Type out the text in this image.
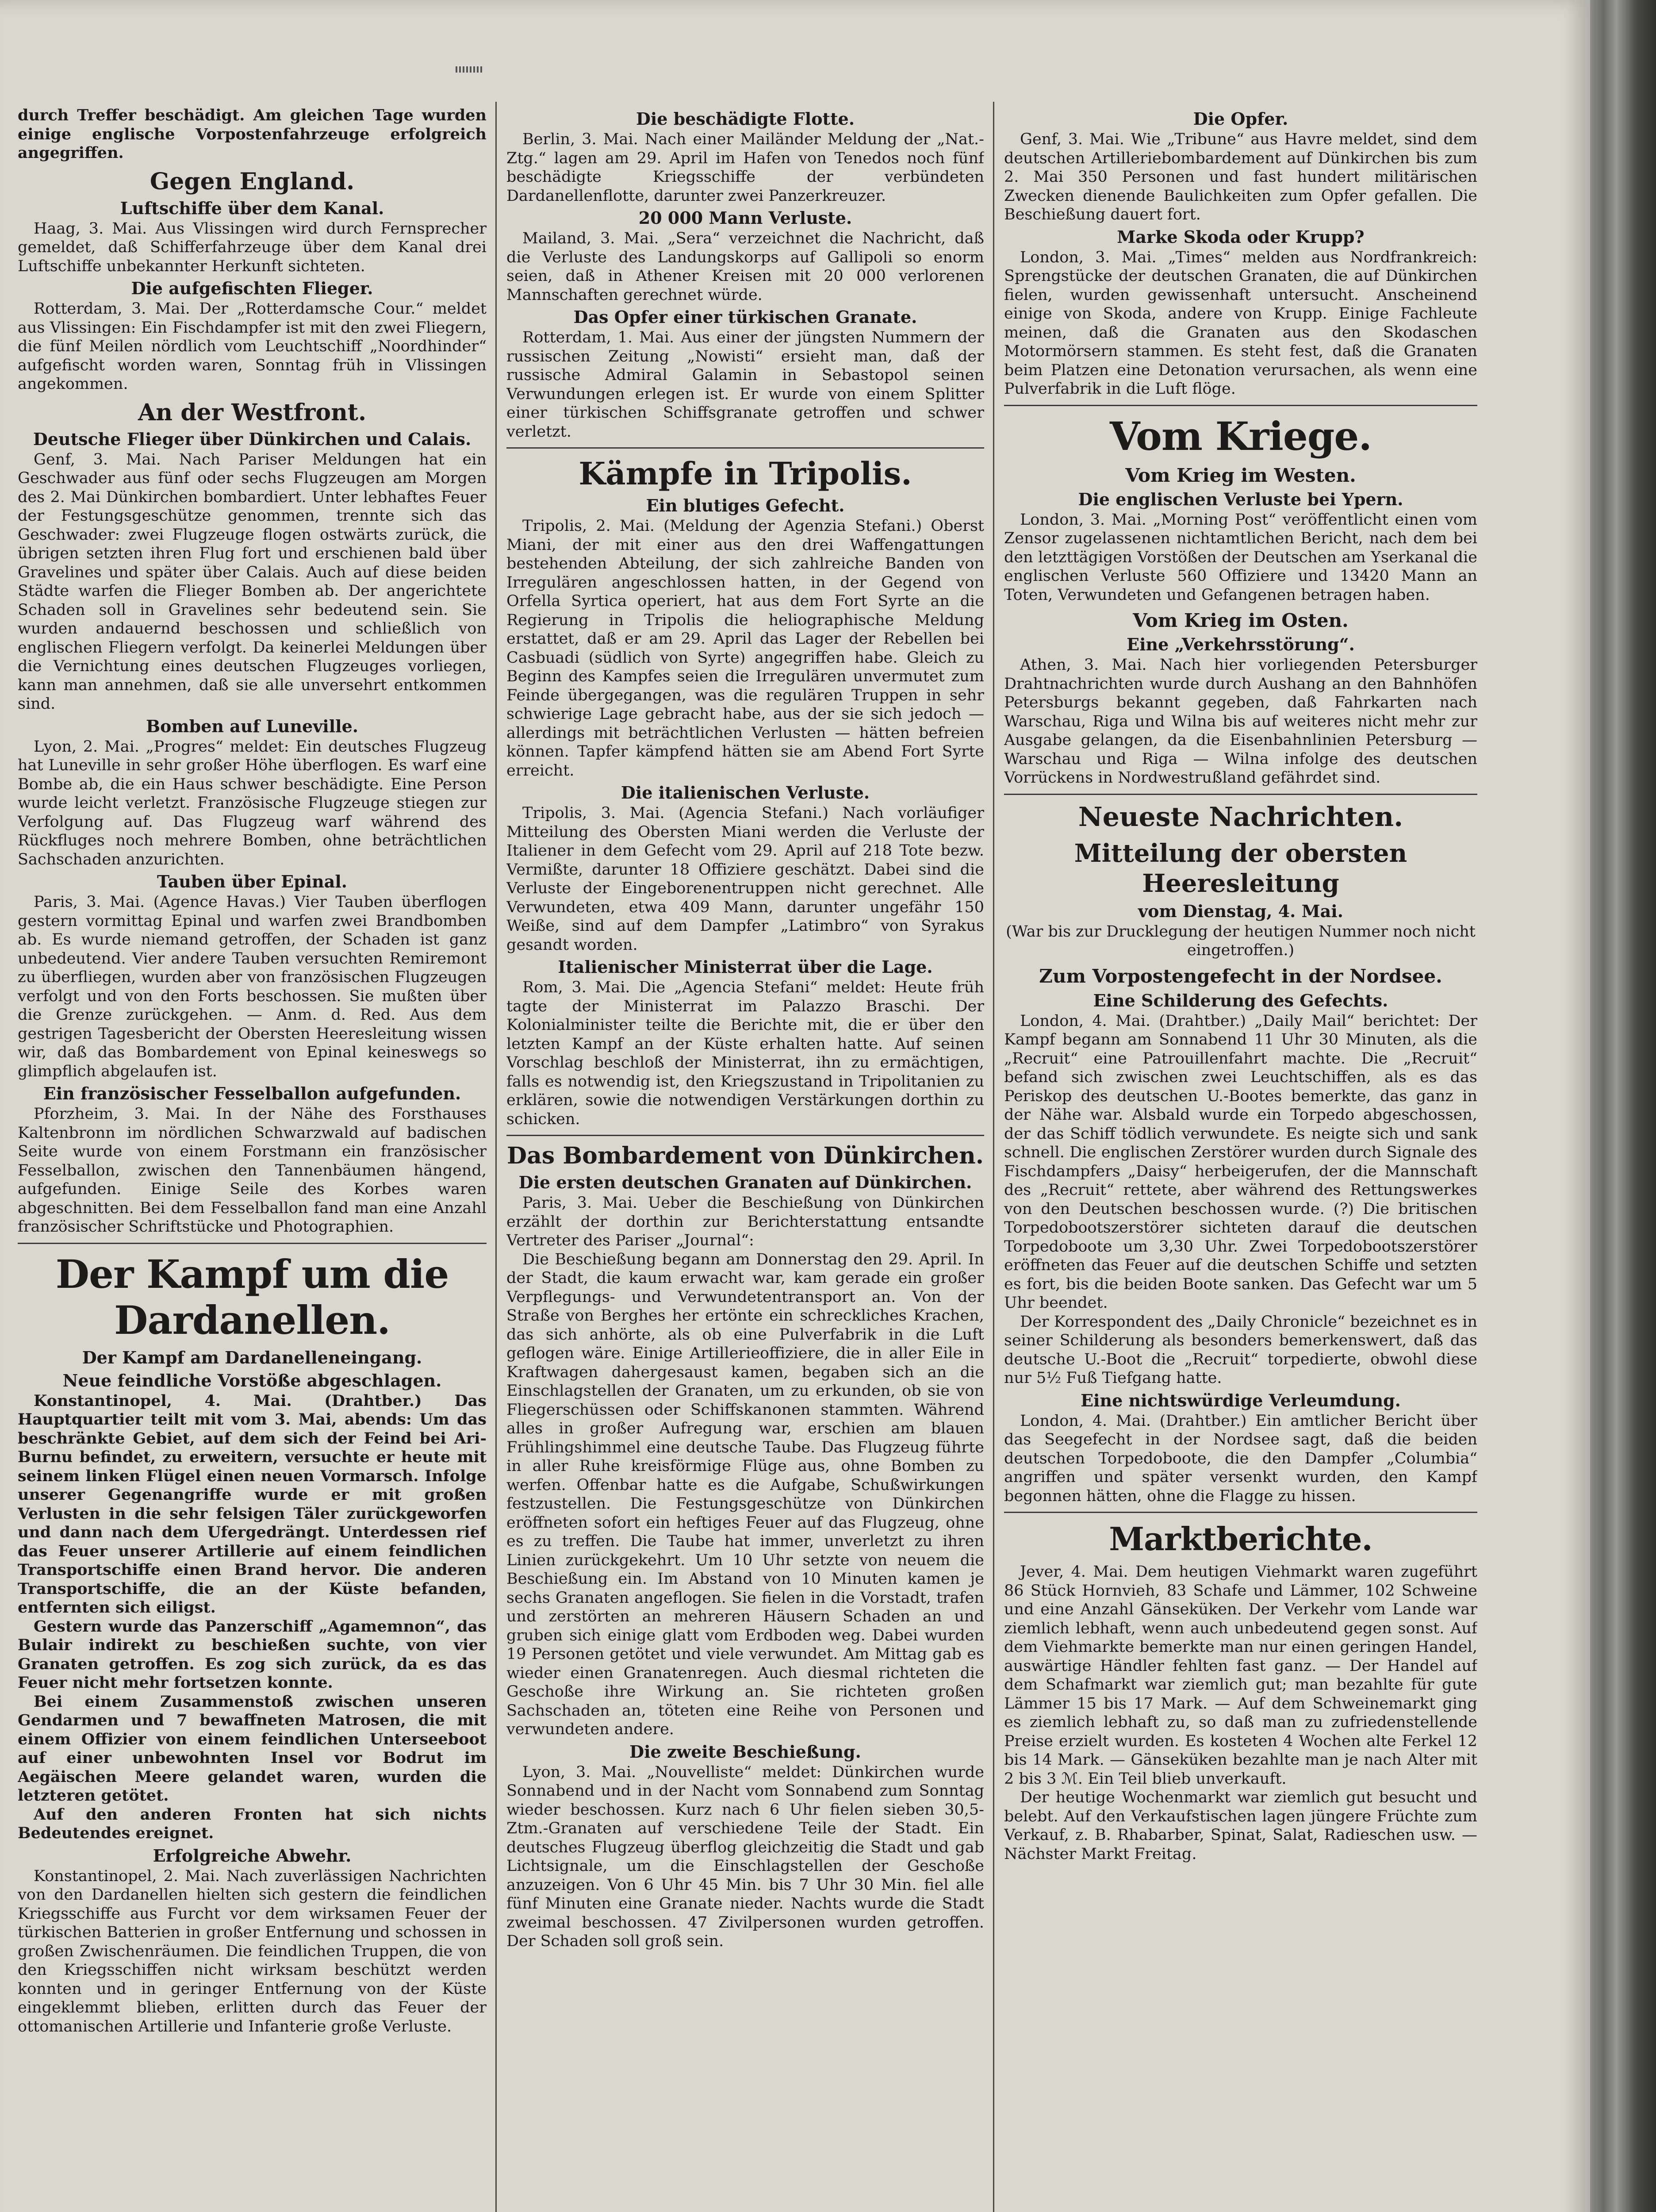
durch Treffer beschädigt. Am gleichen Tage wurden einige englische Vorpostenfahrzeuge erfolgreich angegriffen.

Gegen England.
Luftschiffe über dem Kanal.

Haag, 3. Mai. Aus Vlissingen wird durch Fernsprecher gemeldet, daß Schifferfahrzeuge über dem Kanal drei Luftschiffe unbekannter Herkunft sichteten.

Die aufgefischten Flieger.

Rotterdam, 3. Mai. Der „Rotterdamsche Cour.“ meldet aus Vlissingen: Ein Fischdampfer ist mit den zwei Fliegern, die fünf Meilen nördlich vom Leuchtschiff „Noordhinder“ aufgefischt worden waren, Sonntag früh in Vlissingen angekommen.

An der Westfront.
Deutsche Flieger über Dünkirchen und Calais.

Genf, 3. Mai. Nach Pariser Meldungen hat ein Geschwader aus fünf oder sechs Flugzeugen am Morgen des 2. Mai Dünkirchen bombardiert. Unter lebhaftes Feuer der Festungsgeschütze genommen, trennte sich das Geschwader: zwei Flugzeuge flogen ostwärts zurück, die übrigen setzten ihren Flug fort und erschienen bald über Gravelines und später über Calais. Auch auf diese beiden Städte warfen die Flieger Bomben ab. Der angerichtete Schaden soll in Gravelines sehr bedeutend sein. Sie wurden andauernd beschossen und schließlich von englischen Fliegern verfolgt. Da keinerlei Meldungen über die Vernichtung eines deutschen Flugzeuges vorliegen, kann man annehmen, daß sie alle unversehrt entkommen sind.

Bomben auf Luneville.

Lyon, 2. Mai. „Progres“ meldet: Ein deutsches Flugzeug hat Luneville in sehr großer Höhe überflogen. Es warf eine Bombe ab, die ein Haus schwer beschädigte. Eine Person wurde leicht verletzt. Französische Flugzeuge stiegen zur Verfolgung auf. Das Flugzeug warf während des Rückfluges noch mehrere Bomben, ohne beträchtlichen Sachschaden anzurichten.

Tauben über Epinal.

Paris, 3. Mai. (Agence Havas.) Vier Tauben überflogen gestern vormittag Epinal und warfen zwei Brandbomben ab. Es wurde niemand getroffen, der Schaden ist ganz unbedeutend. Vier andere Tauben versuchten Remiremont zu überfliegen, wurden aber von französischen Flugzeugen verfolgt und von den Forts beschossen. Sie mußten über die Grenze zurückgehen. — Anm. d. Red. Aus dem gestrigen Tagesbericht der Obersten Heeresleitung wissen wir, daß das Bombardement von Epinal keineswegs so glimpflich abgelaufen ist.

Ein französischer Fesselballon aufgefunden.

Pforzheim, 3. Mai. In der Nähe des Forsthauses Kaltenbronn im nördlichen Schwarzwald auf badischen Seite wurde von einem Forstmann ein französischer Fesselballon, zwischen den Tannenbäumen hängend, aufgefunden. Einige Seile des Korbes waren abgeschnitten. Bei dem Fesselballon fand man eine Anzahl französischer Schriftstücke und Photographien.

Der Kampf um die Dardanellen.
Der Kampf am Dardanelleneingang.
Neue feindliche Vorstöße abgeschlagen.

Konstantinopel, 4. Mai. (Drahtber.) Das Hauptquartier teilt mit vom 3. Mai, abends: Um das beschränkte Gebiet, auf dem sich der Feind bei Ari-Burnu befindet, zu erweitern, versuchte er heute mit seinem linken Flügel einen neuen Vormarsch. Infolge unserer Gegenangriffe wurde er mit großen Verlusten in die sehr felsigen Täler zurückgeworfen und dann nach dem Ufergedrängt. Unterdessen rief das Feuer unserer Artillerie auf einem feindlichen Transportschiffe einen Brand hervor. Die anderen Transportschiffe, die an der Küste befanden, entfernten sich eiligst.

Gestern wurde das Panzerschiff „Agamemnon“, das Bulair indirekt zu beschießen suchte, von vier Granaten getroffen. Es zog sich zurück, da es das Feuer nicht mehr fortsetzen konnte.

Bei einem Zusammenstoß zwischen unseren Gendarmen und 7 bewaffneten Matrosen, die mit einem Offizier von einem feindlichen Unterseeboot auf einer unbewohnten Insel vor Bodrut im Aegäischen Meere gelandet waren, wurden die letzteren getötet.

Auf den anderen Fronten hat sich nichts Bedeutendes ereignet.

Erfolgreiche Abwehr.

Konstantinopel, 2. Mai. Nach zuverlässigen Nachrichten von den Dardanellen hielten sich gestern die feindlichen Kriegsschiffe aus Furcht vor dem wirksamen Feuer der türkischen Batterien in großer Entfernung und schossen in großen Zwischenräumen. Die feindlichen Truppen, die von den Kriegsschiffen nicht wirksam beschützt werden konnten und in geringer Entfernung von der Küste eingeklemmt blieben, erlitten durch das Feuer der ottomanischen Artillerie und Infanterie große Verluste.

Die beschädigte Flotte.

Berlin, 3. Mai. Nach einer Mailänder Meldung der „Nat.-Ztg.“ lagen am 29. April im Hafen von Tenedos noch fünf beschädigte Kriegsschiffe der verbündeten Dardanellenflotte, darunter zwei Panzerkreuzer.

20 000 Mann Verluste.

Mailand, 3. Mai. „Sera“ verzeichnet die Nachricht, daß die Verluste des Landungskorps auf Gallipoli so enorm seien, daß in Athener Kreisen mit 20 000 verlorenen Mannschaften gerechnet würde.

Das Opfer einer türkischen Granate.

Rotterdam, 1. Mai. Aus einer der jüngsten Nummern der russischen Zeitung „Nowisti“ ersieht man, daß der russische Admiral Galamin in Sebastopol seinen Verwundungen erlegen ist. Er wurde von einem Splitter einer türkischen Schiffsgranate getroffen und schwer verletzt.

Kämpfe in Tripolis.
Ein blutiges Gefecht.

Tripolis, 2. Mai. (Meldung der Agenzia Stefani.) Oberst Miani, der mit einer aus den drei Waffengattungen bestehenden Abteilung, der sich zahlreiche Banden von Irregulären angeschlossen hatten, in der Gegend von Orfella Syrtica operiert, hat aus dem Fort Syrte an die Regierung in Tripolis die heliographische Meldung erstattet, daß er am 29. April das Lager der Rebellen bei Casbuadi (südlich von Syrte) angegriffen habe. Gleich zu Beginn des Kampfes seien die Irregulären unvermutet zum Feinde übergegangen, was die regulären Truppen in sehr schwierige Lage gebracht habe, aus der sie sich jedoch — allerdings mit beträchtlichen Verlusten — hätten befreien können. Tapfer kämpfend hätten sie am Abend Fort Syrte erreicht.

Die italienischen Verluste.

Tripolis, 3. Mai. (Agencia Stefani.) Nach vorläufiger Mitteilung des Obersten Miani werden die Verluste der Italiener in dem Gefecht vom 29. April auf 218 Tote bezw. Vermißte, darunter 18 Offiziere geschätzt. Dabei sind die Verluste der Eingeborenentruppen nicht gerechnet. Alle Verwundeten, etwa 409 Mann, darunter ungefähr 150 Weiße, sind auf dem Dampfer „Latimbro“ von Syrakus gesandt worden.

Italienischer Ministerrat über die Lage.

Rom, 3. Mai. Die „Agencia Stefani“ meldet: Heute früh tagte der Ministerrat im Palazzo Braschi. Der Kolonialminister teilte die Berichte mit, die er über den letzten Kampf an der Küste erhalten hatte. Auf seinen Vorschlag beschloß der Ministerrat, ihn zu ermächtigen, falls es notwendig ist, den Kriegszustand in Tripolitanien zu erklären, sowie die notwendigen Verstärkungen dorthin zu schicken.

Das Bombardement von Dünkirchen.
Die ersten deutschen Granaten auf Dünkirchen.

Paris, 3. Mai. Ueber die Beschießung von Dünkirchen erzählt der dorthin zur Berichterstattung entsandte Vertreter des Pariser „Journal“:

Die Beschießung begann am Donnerstag den 29. April. In der Stadt, die kaum erwacht war, kam gerade ein großer Verpflegungs- und Verwundetentransport an. Von der Straße von Berghes her ertönte ein schreckliches Krachen, das sich anhörte, als ob eine Pulverfabrik in die Luft geflogen wäre. Einige Artillerieoffiziere, die in aller Eile in Kraftwagen dahergesaust kamen, begaben sich an die Einschlagstellen der Granaten, um zu erkunden, ob sie von Fliegerschüssen oder Schiffskanonen stammten. Während alles in großer Aufregung war, erschien am blauen Frühlingshimmel eine deutsche Taube. Das Flugzeug führte in aller Ruhe kreisförmige Flüge aus, ohne Bomben zu werfen. Offenbar hatte es die Aufgabe, Schußwirkungen festzustellen. Die Festungsgeschütze von Dünkirchen eröffneten sofort ein heftiges Feuer auf das Flugzeug, ohne es zu treffen. Die Taube hat immer, unverletzt zu ihren Linien zurückgekehrt. Um 10 Uhr setzte von neuem die Beschießung ein. Im Abstand von 10 Minuten kamen je sechs Granaten angeflogen. Sie fielen in die Vorstadt, trafen und zerstörten an mehreren Häusern Schaden an und gruben sich einige glatt vom Erdboden weg. Dabei wurden 19 Personen getötet und viele verwundet. Am Mittag gab es wieder einen Granatenregen. Auch diesmal richteten die Geschoße ihre Wirkung an. Sie richteten großen Sachschaden an, töteten eine Reihe von Personen und verwundeten andere.

Die zweite Beschießung.

Lyon, 3. Mai. „Nouvelliste“ meldet: Dünkirchen wurde Sonnabend und in der Nacht vom Sonnabend zum Sonntag wieder beschossen. Kurz nach 6 Uhr fielen sieben 30,5-Ztm.-Granaten auf verschiedene Teile der Stadt. Ein deutsches Flugzeug überflog gleichzeitig die Stadt und gab Lichtsignale, um die Einschlagstellen der Geschoße anzuzeigen. Von 6 Uhr 45 Min. bis 7 Uhr 30 Min. fiel alle fünf Minuten eine Granate nieder. Nachts wurde die Stadt zweimal beschossen. 47 Zivilpersonen wurden getroffen. Der Schaden soll groß sein.

Die Opfer.

Genf, 3. Mai. Wie „Tribune“ aus Havre meldet, sind dem deutschen Artilleriebombardement auf Dünkirchen bis zum 2. Mai 350 Personen und fast hundert militärischen Zwecken dienende Baulichkeiten zum Opfer gefallen. Die Beschießung dauert fort.

Marke Skoda oder Krupp?

London, 3. Mai. „Times“ melden aus Nordfrankreich: Sprengstücke der deutschen Granaten, die auf Dünkirchen fielen, wurden gewissenhaft untersucht. Anscheinend einige von Skoda, andere von Krupp. Einige Fachleute meinen, daß die Granaten aus den Skodaschen Motormörsern stammen. Es steht fest, daß die Granaten beim Platzen eine Detonation verursachen, als wenn eine Pulverfabrik in die Luft flöge.

Vom Kriege.
Vom Krieg im Westen.
Die englischen Verluste bei Ypern.

London, 3. Mai. „Morning Post“ veröffentlicht einen vom Zensor zugelassenen nichtamtlichen Bericht, nach dem bei den letzttägigen Vorstößen der Deutschen am Yserkanal die englischen Verluste 560 Offiziere und 13420 Mann an Toten, Verwundeten und Gefangenen betragen haben.

Vom Krieg im Osten.
Eine „Verkehrsstörung“.

Athen, 3. Mai. Nach hier vorliegenden Petersburger Drahtnachrichten wurde durch Aushang an den Bahnhöfen Petersburgs bekannt gegeben, daß Fahrkarten nach Warschau, Riga und Wilna bis auf weiteres nicht mehr zur Ausgabe gelangen, da die Eisenbahnlinien Petersburg — Warschau und Riga — Wilna infolge des deutschen Vorrückens in Nordwestrußland gefährdet sind.

Neueste Nachrichten.
Mitteilung der obersten Heeresleitung
vom Dienstag, 4. Mai.

(War bis zur Drucklegung der heutigen Nummer noch nicht eingetroffen.)

Zum Vorpostengefecht in der Nordsee.
Eine Schilderung des Gefechts.

London, 4. Mai. (Drahtber.) „Daily Mail“ berichtet: Der Kampf begann am Sonnabend 11 Uhr 30 Minuten, als die „Recruit“ eine Patrouillenfahrt machte. Die „Recruit“ befand sich zwischen zwei Leuchtschiffen, als es das Periskop des deutschen U.-Bootes bemerkte, das ganz in der Nähe war. Alsbald wurde ein Torpedo abgeschossen, der das Schiff tödlich verwundete. Es neigte sich und sank schnell. Die englischen Zerstörer wurden durch Signale des Fischdampfers „Daisy“ herbeigerufen, der die Mannschaft des „Recruit“ rettete, aber während des Rettungswerkes von den Deutschen beschossen wurde. (?) Die britischen Torpedobootszerstörer sichteten darauf die deutschen Torpedoboote um 3,30 Uhr. Zwei Torpedobootszerstörer eröffneten das Feuer auf die deutschen Schiffe und setzten es fort, bis die beiden Boote sanken. Das Gefecht war um 5 Uhr beendet.

Der Korrespondent des „Daily Chronicle“ bezeichnet es in seiner Schilderung als besonders bemerkenswert, daß das deutsche U.-Boot die „Recruit“ torpedierte, obwohl diese nur 5½ Fuß Tiefgang hatte.

Eine nichtswürdige Verleumdung.

London, 4. Mai. (Drahtber.) Ein amtlicher Bericht über das Seegefecht in der Nordsee sagt, daß die beiden deutschen Torpedoboote, die den Dampfer „Columbia“ angriffen und später versenkt wurden, den Kampf begonnen hätten, ohne die Flagge zu hissen.

Marktberichte.

Jever, 4. Mai. Dem heutigen Viehmarkt waren zugeführt 86 Stück Hornvieh, 83 Schafe und Lämmer, 102 Schweine und eine Anzahl Gänseküken. Der Verkehr vom Lande war ziemlich lebhaft, wenn auch unbedeutend gegen sonst. Auf dem Viehmarkte bemerkte man nur einen geringen Handel, auswärtige Händler fehlten fast ganz. — Der Handel auf dem Schafmarkt war ziemlich gut; man bezahlte für gute Lämmer 15 bis 17 Mark. — Auf dem Schweinemarkt ging es ziemlich lebhaft zu, so daß man zu zufriedenstellende Preise erzielt wurden. Es kosteten 4 Wochen alte Ferkel 12 bis 14 Mark. — Gänseküken bezahlte man je nach Alter mit 2 bis 3 ℳ. Ein Teil blieb unverkauft.

Der heutige Wochenmarkt war ziemlich gut besucht und belebt. Auf den Verkaufstischen lagen jüngere Früchte zum Verkauf, z. B. Rhabarber, Spinat, Salat, Radieschen usw. — Nächster Markt Freitag.
